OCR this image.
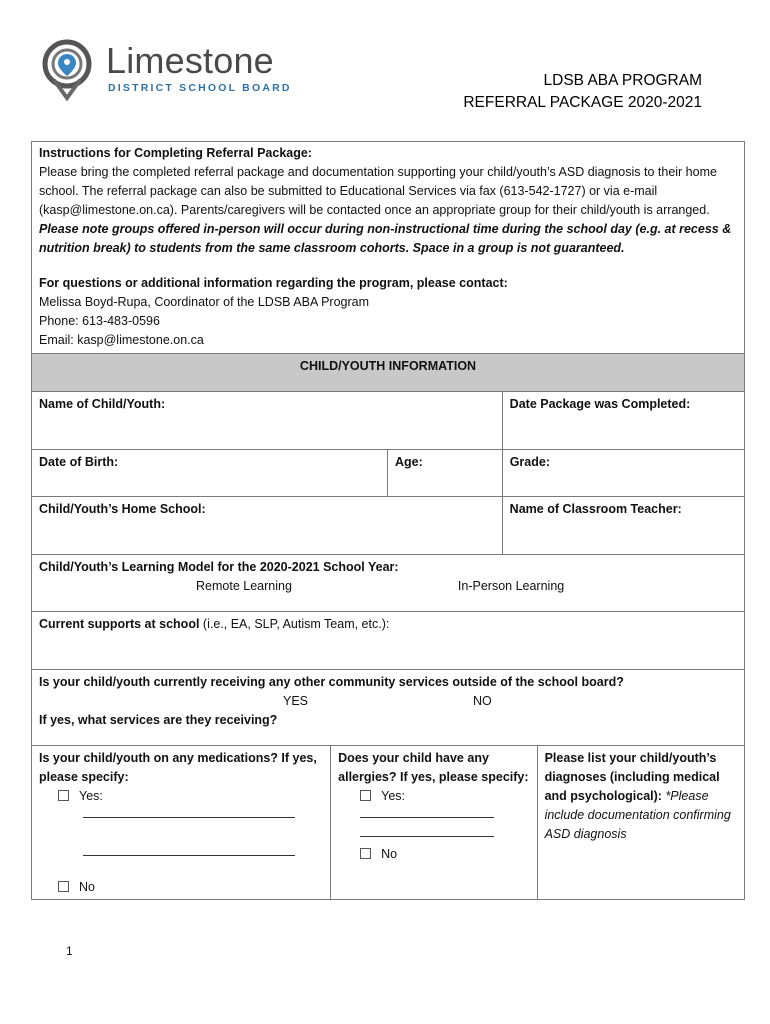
Limestone
DISTRICT SCHOOL BOARD	LDSB ABA PROGRAM
REFERRAL PACKAGE 2020-2021
Instructions for Completing Referral Package:
Please bring the completed referral package and documentation supporting your child/youth’s ASD diagnosis to their home school. The referral package can also be submitted to Educational Services via fax (613-542-1727) or via e-mail (kasp@limestone.on.ca). Parents/caregivers will be contacted once an appropriate group for their child/youth is arranged. Please note groups offered in-person will occur during non-instructional time during the school day (e.g. at recess & nutrition break) to students from the same classroom cohorts. Space in a group is not guaranteed.
For questions or additional information regarding the program, please contact:
Melissa Boyd-Rupa, Coordinator of the LDSB ABA Program
Phone: 613-483-0596
Email: kasp@limestone.on.ca
CHILD/YOUTH INFORMATION
Name of Child/Youth:	Date Package was Completed:
Date of Birth:	Age:	Grade:
Child/Youth’s Home School:	Name of Classroom Teacher:
Child/Youth’s Learning Model for the 2020-2021 School Year:
Remote Learning	In-Person Learning
Current supports at school (i.e., EA, SLP, Autism Team, etc.):
Is your child/youth currently receiving any other community services outside of the school board?
YES	NO
If yes, what services are they receiving?
Is your child/youth on any medications? If yes, please specify:
Yes:
No
Does your child have any allergies? If yes, please specify:
Yes:
No
Please list your child/youth’s diagnoses (including medical and psychological): *Please include documentation confirming ASD diagnosis
1
